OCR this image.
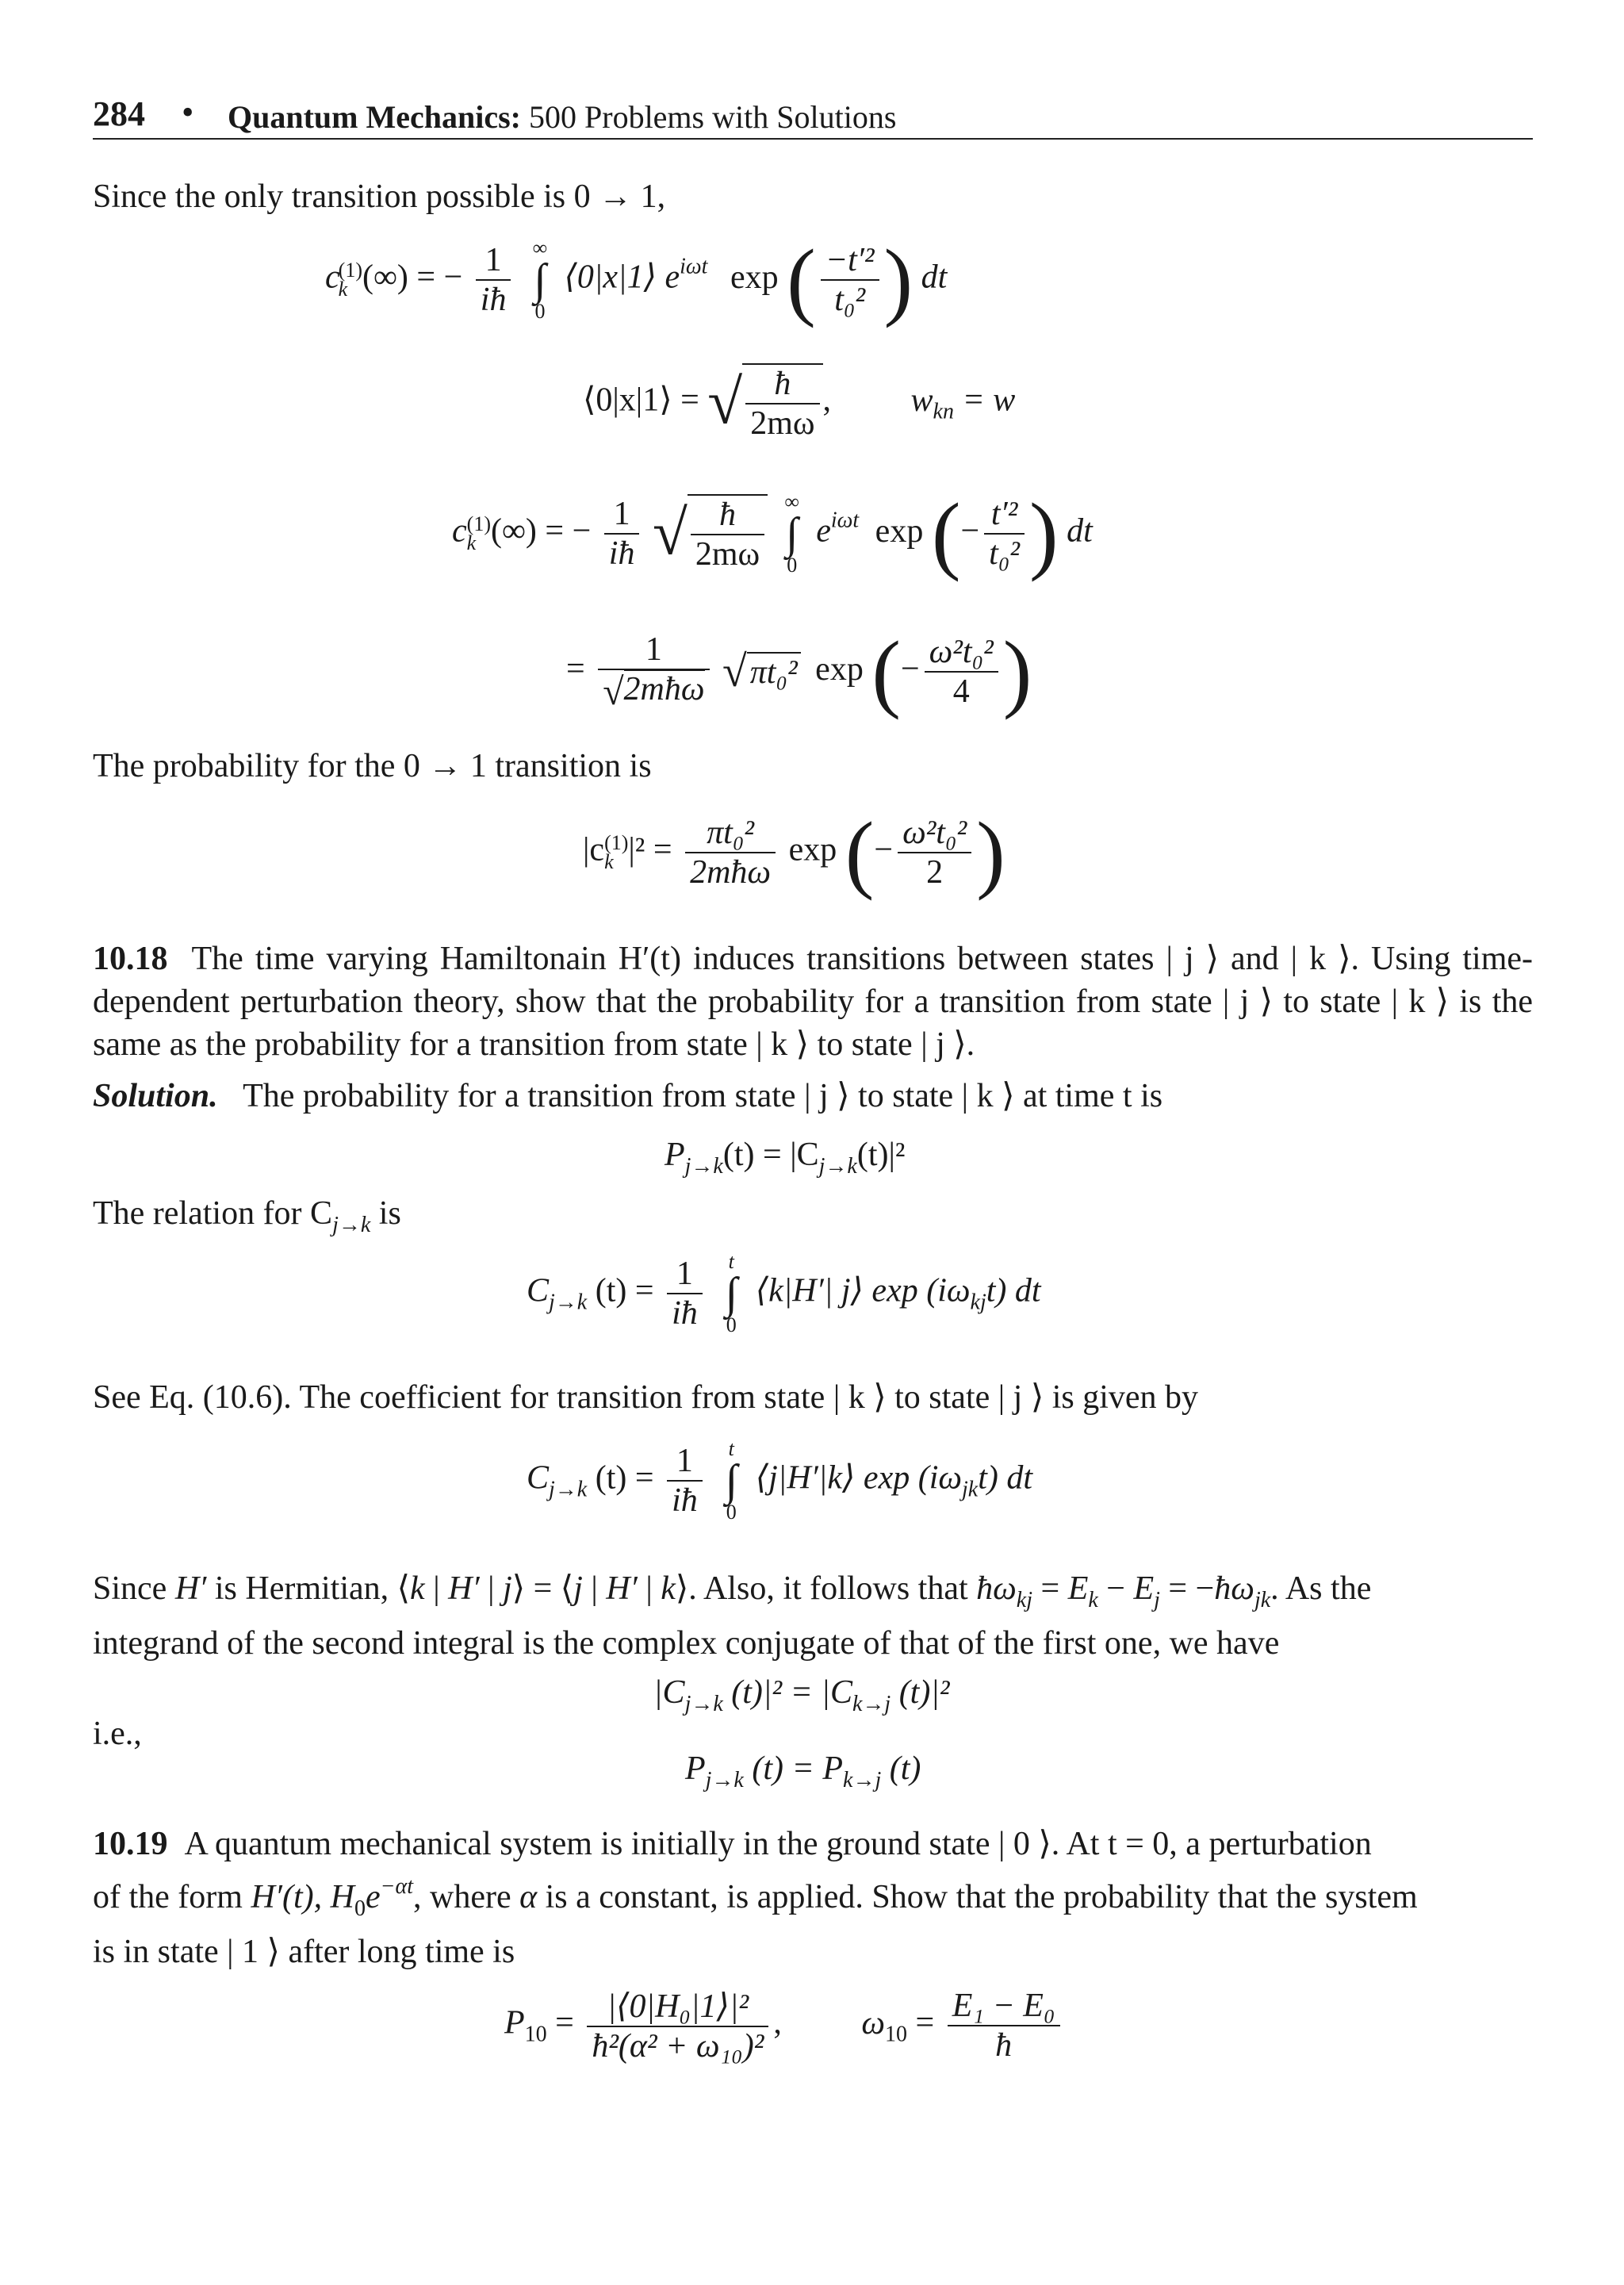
284 • Quantum Mechanics: 500 Problems with Solutions
Since the only transition possible is 0 → 1,
c
(1)
k (∞) = − $\frac{1}{iħ}$
	∞
∫
0
⟨0|x|1⟩ $e^{i\omega t}$ exp ( $\frac{\text{−t′²}}{\text{t₀²}}$ ) dt
⟨0|x|1⟩ = √ $\frac{ħ}{2m\omega}$ , $w_{kn} = w$
c (1)
k (∞) = − $\frac{1}{iħ}$ √ $\frac{ħ}{2m\omega}$
∞
∫
0
$e^{i\omega t}$ exp (− $\frac{\text{t′²}}{\text{t₀²}}$ ) dt
= $\frac{1}{\text{√2mħω}} √\pi t_0^2$ exp (− $\frac{\text{ω²t₀²}}{4}$ )
The probability for the 0 → 1 transition is
|c (1)
k $|^2 = \frac{\text{πt₀²}}{\text{2mħω}}$ exp (− $\frac{\text{ω²t₀²}}{2}$ )
10.18 The time varying Hamiltonain H′(t) induces transitions between states | j ⟩ and | k ⟩. Using time-dependent perturbation theory, show that the probability for a transition from state | j ⟩ to state | k ⟩ is the same as the probability for a transition from state | k ⟩ to state | j ⟩.
Solution. The probability for a transition from state | j ⟩ to state | k ⟩ at time t is
$P_{j\to k}(t) = |C_{j\to k}(t)|^2$
The relation for $C_{j\to k}$ is
$C_{j\to k}$ $(t) = \frac{1}{iħ}$
	t
∫
0
⟨k|H′| j⟩ $\exp (i\omega_{kj}t)$ dt
See Eq. (10.6). The coefficient for transition from state | k ⟩ to state | j ⟩ is given by
$C_{j\to k}$ $(t) = \frac{1}{iħ}$
	t
∫
0
⟨j|H′|k⟩ $\exp (i\omega_{jk}t)$ dt
Since H′ is Hermitian, ⟨k | H′ | j⟩ = ⟨j | H′ | k⟩. Also, it follows that $ħ\omega_{kj} = E_k - E_j$ = $-ħ\omega_{jk}$. As the
integrand of the second integral is the complex conjugate of that of the first one, we have
$|C_{j\to k}$ $(t)|^2 = |C_{k\to j}$ (t)|²
i.e.,
$P_{j\to k}$ $(t) = P_{k\to j}$ (t)
10.19 A quantum mechanical system is initially in the ground state | 0 ⟩. At t = 0, a perturbation
of the form H′(t), $H_0e^{-\alpha t}$, where α is a constant, is applied. Show that the probability that the system
is in state | 1 ⟩ after long time is
$P_{10} = \frac{\text{|⟨0|H₀|1⟩|²}}{\text{ħ²(α² + ω₁₀)²}}$ , $\omega_{10} = \frac{\text{E₁ − E₀}}{ħ}$
